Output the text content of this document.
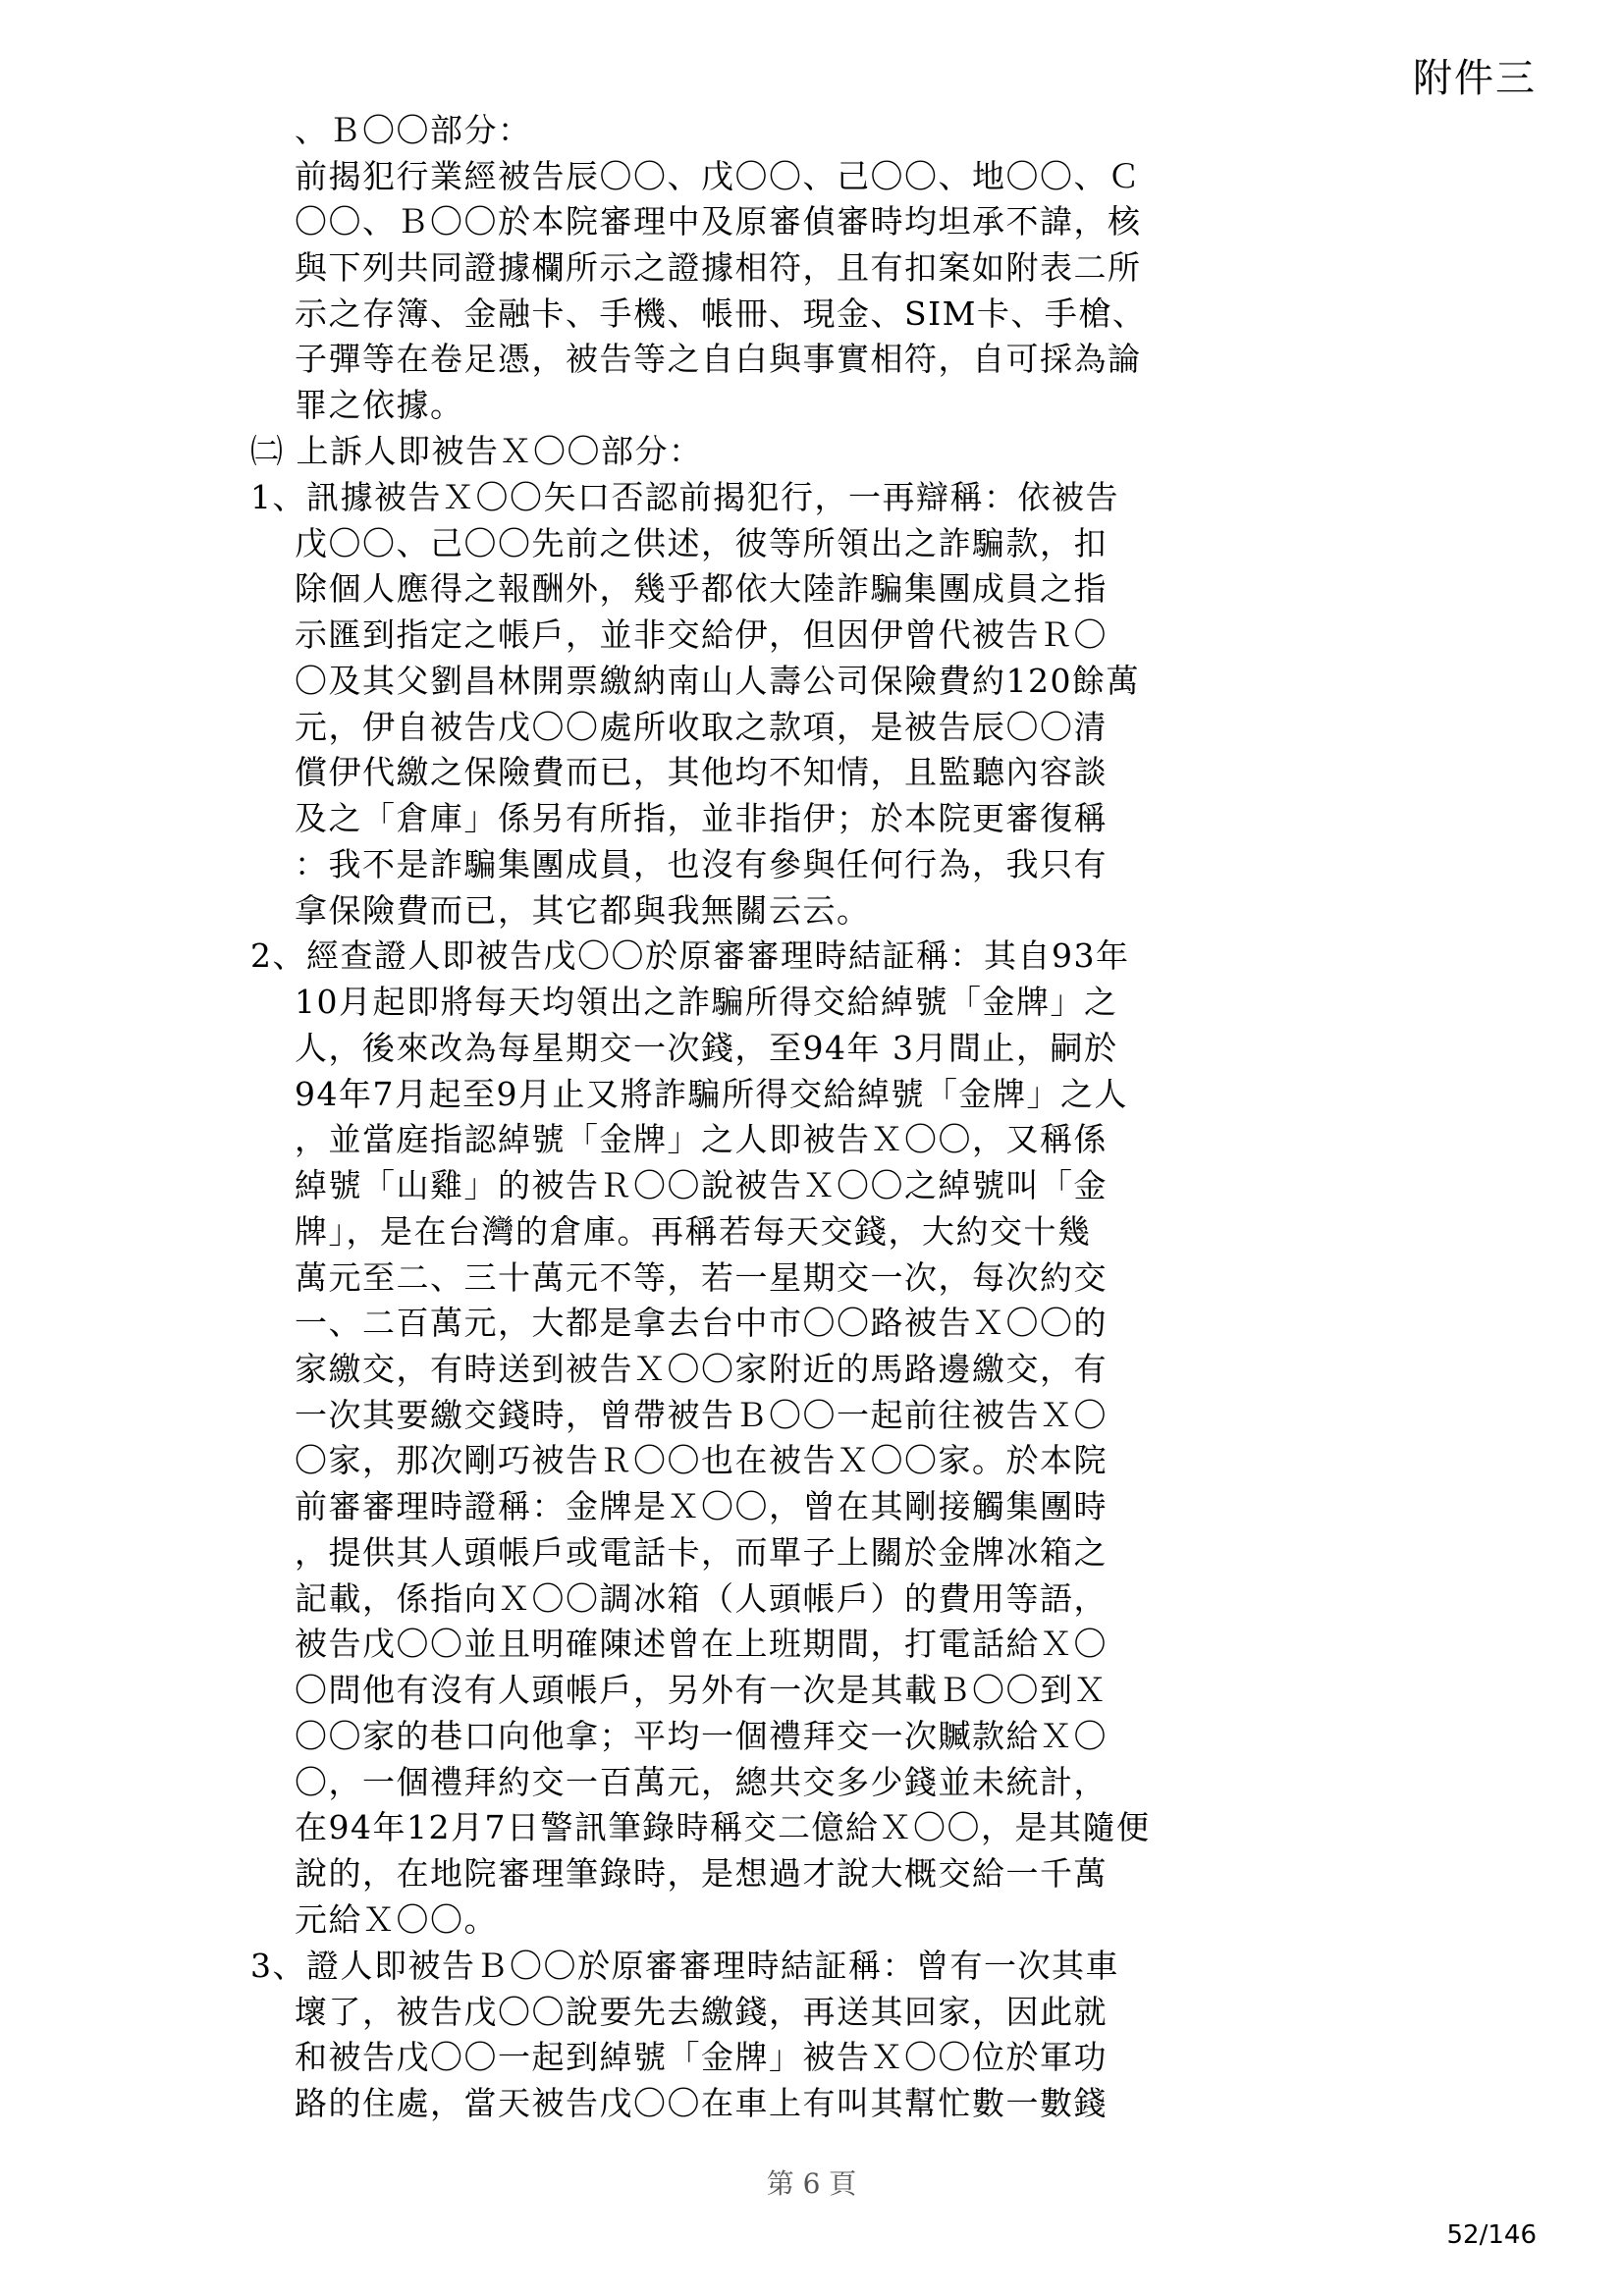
附件三
、Ｂ〇〇部分：
前揭犯行業經被告辰〇〇、戊〇〇、己〇〇、地〇〇、Ｃ
〇〇、Ｂ〇〇於本院審理中及原審偵審時均坦承不諱，核
與下列共同證據欄所示之證據相符，且有扣案如附表二所
示之存簿、金融卡、手機、帳冊、現金、SIM卡、手槍、
子彈等在卷足憑，被告等之自白與事實相符，自可採為論
罪之依據。
㈡ 上訴人即被告Ｘ〇〇部分：
1、訊據被告Ｘ〇〇矢口否認前揭犯行，一再辯稱：依被告
戊〇〇、己〇〇先前之供述，彼等所領出之詐騙款，扣
除個人應得之報酬外，幾乎都依大陸詐騙集團成員之指
示匯到指定之帳戶，並非交給伊，但因伊曾代被告Ｒ〇
〇及其父劉昌林開票繳納南山人壽公司保險費約120餘萬
元，伊自被告戊〇〇處所收取之款項，是被告辰〇〇清
償伊代繳之保險費而已，其他均不知情，且監聽內容談
及之「倉庫」係另有所指，並非指伊；於本院更審復稱
：我不是詐騙集團成員，也沒有參與任何行為，我只有
拿保險費而已，其它都與我無關云云。
2、經查證人即被告戊〇〇於原審審理時結証稱：其自93年
10月起即將每天均領出之詐騙所得交給綽號「金牌」之
人，後來改為每星期交一次錢，至94年 3月間止，嗣於
94年7月起至9月止又將詐騙所得交給綽號「金牌」之人
，並當庭指認綽號「金牌」之人即被告Ｘ〇〇，又稱係
綽號「山雞」的被告Ｒ〇〇說被告Ｘ〇〇之綽號叫「金
牌」，是在台灣的倉庫。再稱若每天交錢，大約交十幾
萬元至二、三十萬元不等，若一星期交一次，每次約交
一、二百萬元，大都是拿去台中市〇〇路被告Ｘ〇〇的
家繳交，有時送到被告Ｘ〇〇家附近的馬路邊繳交，有
一次其要繳交錢時，曾帶被告Ｂ〇〇一起前往被告Ｘ〇
〇家，那次剛巧被告Ｒ〇〇也在被告Ｘ〇〇家。於本院
前審審理時證稱：金牌是Ｘ〇〇，曾在其剛接觸集團時
，提供其人頭帳戶或電話卡，而單子上關於金牌冰箱之
記載，係指向Ｘ〇〇調冰箱（人頭帳戶）的費用等語，
被告戊〇〇並且明確陳述曾在上班期間，打電話給Ｘ〇
〇問他有沒有人頭帳戶，另外有一次是其載Ｂ〇〇到Ｘ
〇〇家的巷口向他拿；平均一個禮拜交一次贓款給Ｘ〇
〇，一個禮拜約交一百萬元，總共交多少錢並未統計，
在94年12月7日警訊筆錄時稱交二億給Ｘ〇〇，是其隨便
說的，在地院審理筆錄時，是想過才說大概交給一千萬
元給Ｘ〇〇。
3、證人即被告Ｂ〇〇於原審審理時結証稱：曾有一次其車
壞了，被告戊〇〇說要先去繳錢，再送其回家，因此就
和被告戊〇〇一起到綽號「金牌」被告Ｘ〇〇位於軍功
路的住處，當天被告戊〇〇在車上有叫其幫忙數一數錢
第 6 頁
52/146
